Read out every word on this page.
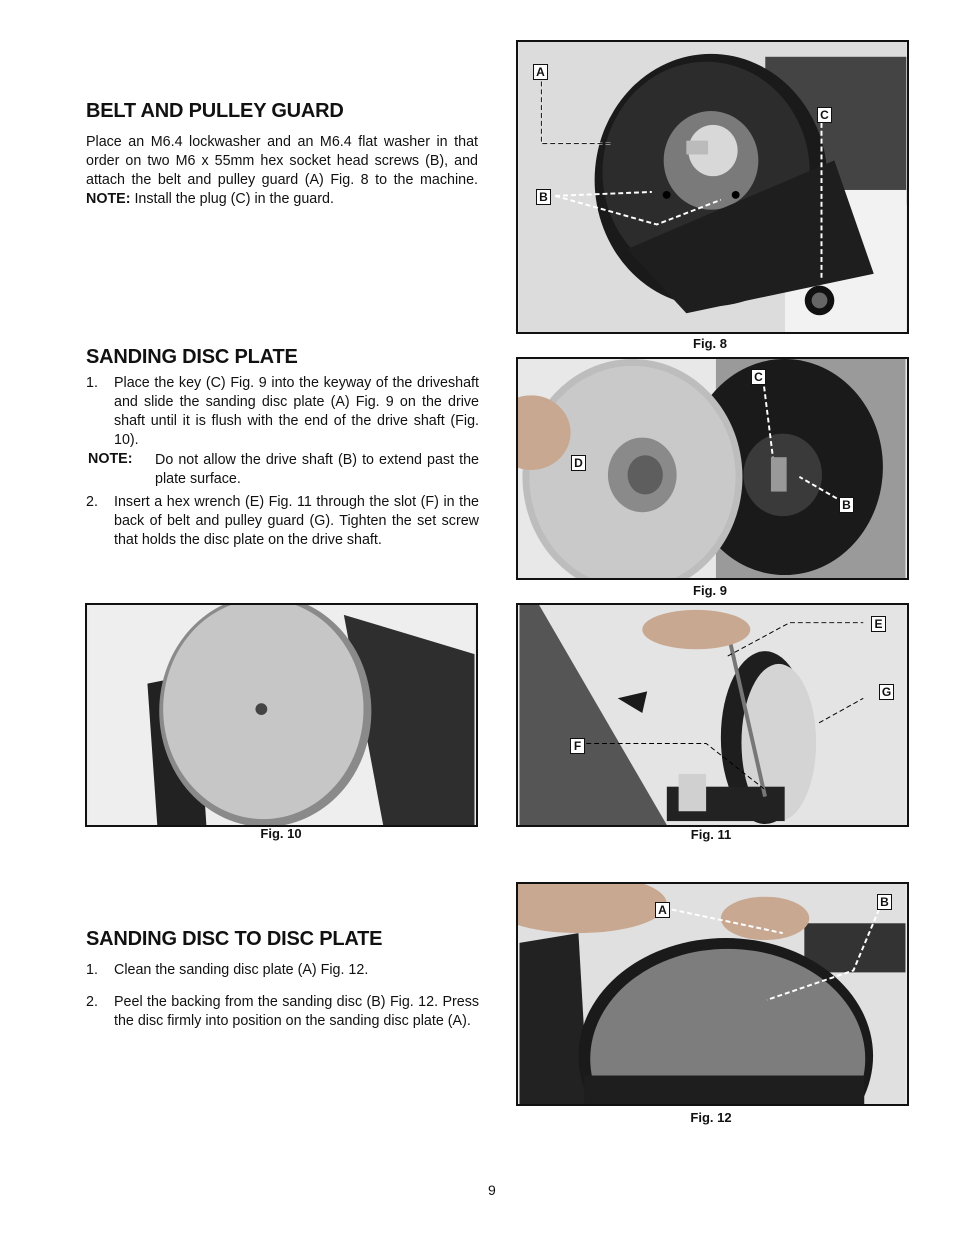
BELT AND PULLEY GUARD

Place an M6.4 lockwasher and an M6.4 flat washer in that order on two M6 x 55mm hex socket head screws (B), and attach the belt and pulley guard (A) Fig. 8 to the machine. NOTE: Install the plug (C) in the guard.

SANDING DISC PLATE
1. Place the key (C) Fig. 9 into the keyway of the driveshaft and slide the sanding disc plate (A) Fig. 9 on the drive shaft until it is flush with the end of the drive shaft (Fig. 10).
NOTE: Do not allow the drive shaft (B) to extend past the plate surface.
2. Insert a hex wrench (E) Fig. 11 through the slot (F) in the back of belt and pulley guard (G). Tighten the set screw that holds the disc plate on the drive shaft.
SANDING DISC TO DISC PLATE
1. Clean the sanding disc plate (A) Fig. 12.
2. Peel the backing from the sanding disc (B) Fig. 12. Press the disc firmly into position on the sanding disc plate (A).
A
B
C
Fig. 8
C
D
B
Fig. 9
Fig. 10
E
G
F
Fig. 11
A
B
Fig. 12
9
